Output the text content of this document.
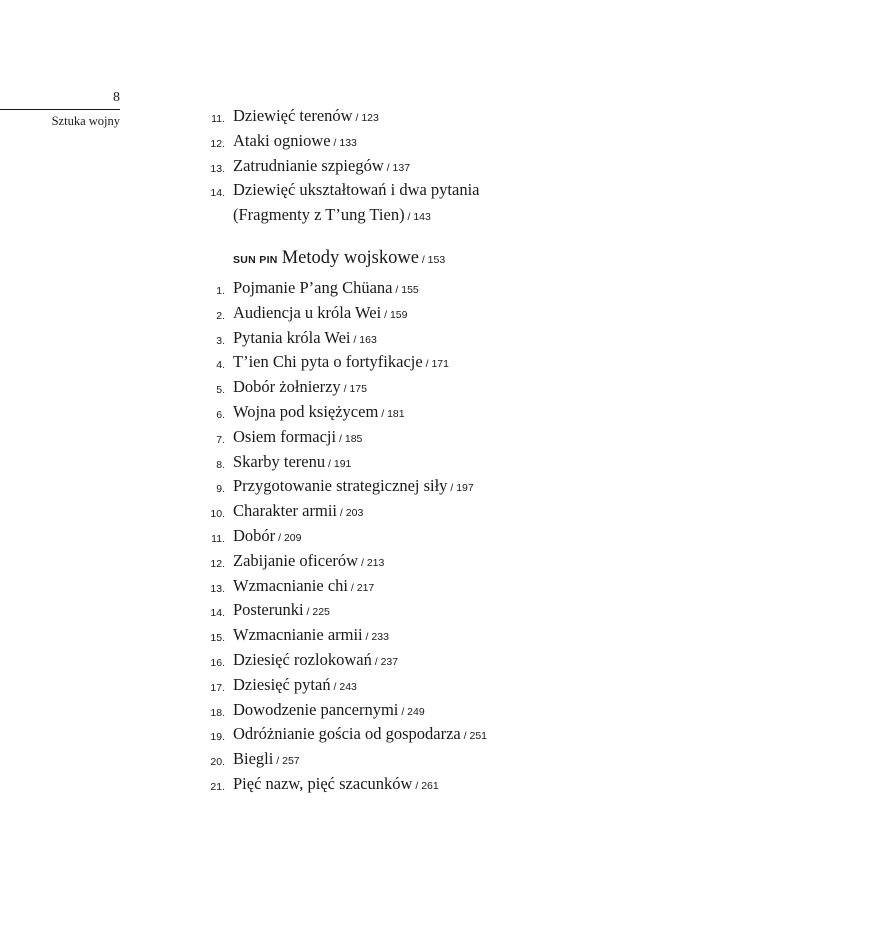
8
Sztuka wojny	11. Dziewięć terenów / 123
12. Ataki ogniowe / 133
13. Zatrudnianie szpiegów / 137
14. Dziewięć ukształtowań i dwa pytania
(Fragmenty z T’ung Tien) / 143
SUN PIN Metody wojskowe / 153
1. Pojmanie P’ang Chüana / 155
2. Audiencja u króla Wei / 159
3. Pytania króla Wei / 163
4. T’ien Chi pyta o fortyfikacje / 171
5. Dobór żołnierzy / 175
6. Wojna pod księżycem / 181
7. Osiem formacji / 185
8. Skarby terenu / 191
9. Przygotowanie strategicznej siły / 197
10. Charakter armii / 203
11. Dobór / 209
12. Zabijanie oficerów / 213
13. Wzmacnianie chi / 217
14. Posterunki / 225
15. Wzmacnianie armii / 233
16. Dziesięć rozlokowań / 237
17. Dziesięć pytań / 243
18. Dowodzenie pancernymi / 249
19. Odróżnianie gościa od gospodarza / 251
20. Biegli / 257
21. Pięć nazw, pięć szacunków / 261
